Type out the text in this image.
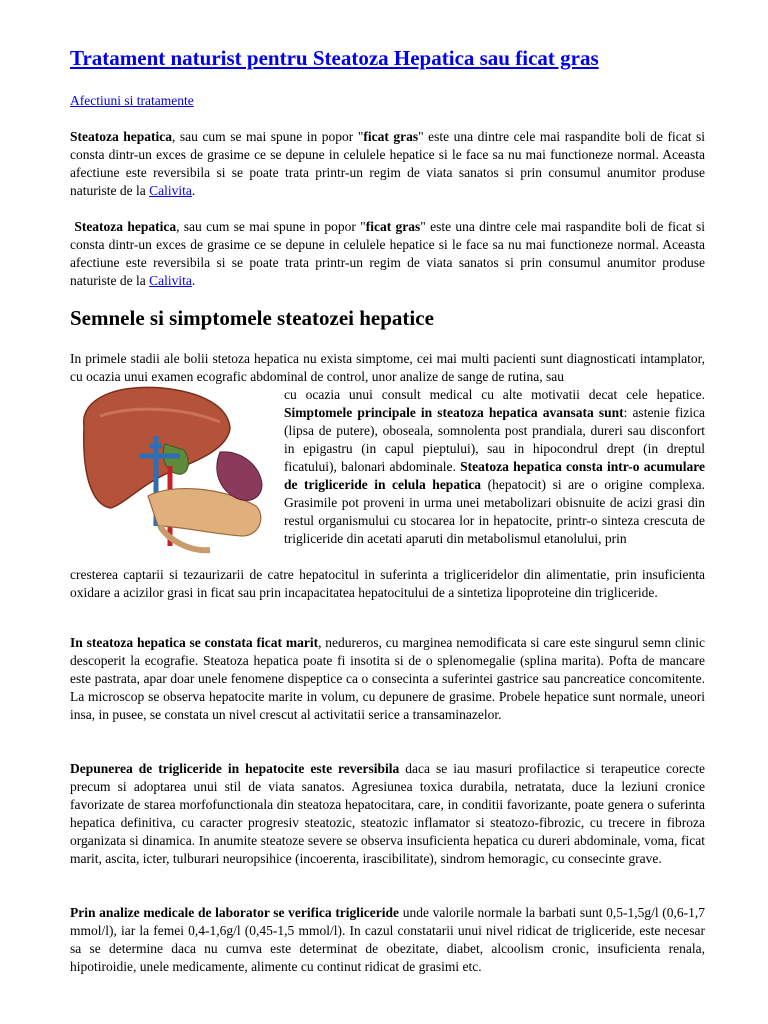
Tratament naturist pentru Steatoza Hepatica sau ficat gras
Afectiuni si tratamente

Steatoza hepatica, sau cum se mai spune in popor "ficat gras" este una dintre cele mai raspandite boli de ficat si consta dintr-un exces de grasime ce se depune in celulele hepatice si le face sa nu mai functioneze normal. Aceasta afectiune este reversibila si se poate trata printr-un regim de viata sanatos si prin consumul anumitor produse naturiste de la Calivita.

Steatoza hepatica, sau cum se mai spune in popor "ficat gras" este una dintre cele mai raspandite boli de ficat si consta dintr-un exces de grasime ce se depune in celulele hepatice si le face sa nu mai functioneze normal. Aceasta afectiune este reversibila si se poate trata printr-un regim de viata sanatos si prin consumul anumitor produse naturiste de la Calivita.

Semnele si simptomele steatozei hepatice

In primele stadii ale bolii stetoza hepatica nu exista simptome, cei mai multi pacienti sunt diagnosticati intamplator, cu ocazia unui examen ecografic abdominal de control, unor analize de sange de rutina, sau

cu ocazia unui consult medical cu alte motivatii decat cele hepatice. Simptomele principale in steatoza hepatica avansata sunt: astenie fizica (lipsa de putere), oboseala, somnolenta post prandiala, dureri sau disconfort in epigastru (in capul pieptului), sau in hipocondrul drept (in dreptul ficatului), balonari abdominale. Steatoza hepatica consta intr-o acumulare de trigliceride in celula hepatica (hepatocit) si are o origine complexa. Grasimile pot proveni in urma unei metabolizari obisnuite de acizi grasi din restul organismului cu stocarea lor in hepatocite, printr-o sinteza crescuta de trigliceride din acetati aparuti din metabolismul etanolului, prin

cresterea captarii si tezaurizarii de catre hepatocitul in suferinta a trigliceridelor din alimentatie, prin insuficienta oxidare a acizilor grasi in ficat sau prin incapacitatea hepatocitului de a sintetiza lipoproteine din trigliceride.

In steatoza hepatica se constata ficat marit, nedureros, cu marginea nemodificata si care este singurul semn clinic descoperit la ecografie. Steatoza hepatica poate fi insotita si de o splenomegalie (splina marita). Pofta de mancare este pastrata, apar doar unele fenomene dispeptice ca o consecinta a suferintei gastrice sau pancreatice concomitente. La microscop se observa hepatocite marite in volum, cu depunere de grasime. Probele hepatice sunt normale, uneori insa, in pusee, se constata un nivel crescut al activitatii serice a transaminazelor.

Depunerea de trigliceride in hepatocite este reversibila daca se iau masuri profilactice si terapeutice corecte precum si adoptarea unui stil de viata sanatos. Agresiunea toxica durabila, netratata, duce la leziuni cronice favorizate de starea morfofunctionala din steatoza hepatocitara, care, in conditii favorizante, poate genera o suferinta hepatica definitiva, cu caracter progresiv steatozic, steatozic inflamator si steatozo-fibrozic, cu trecere in fibroza organizata si dinamica. In anumite steatoze severe se observa insuficienta hepatica cu dureri abdominale, voma, ficat marit, ascita, icter, tulburari neuropsihice (incoerenta, irascibilitate), sindrom hemoragic, cu consecinte grave.

Prin analize medicale de laborator se verifica trigliceride unde valorile normale la barbati sunt 0,5-1,5g/l (0,6-1,7 mmol/l), iar la femei 0,4-1,6g/l (0,45-1,5 mmol/l). In cazul constatarii unui nivel ridicat de trigliceride, este necesar sa se determine daca nu cumva este determinat de obezitate, diabet, alcoolism cronic, insuficienta renala, hipotiroidie, unele medicamente, alimente cu continut ridicat de grasimi etc.
